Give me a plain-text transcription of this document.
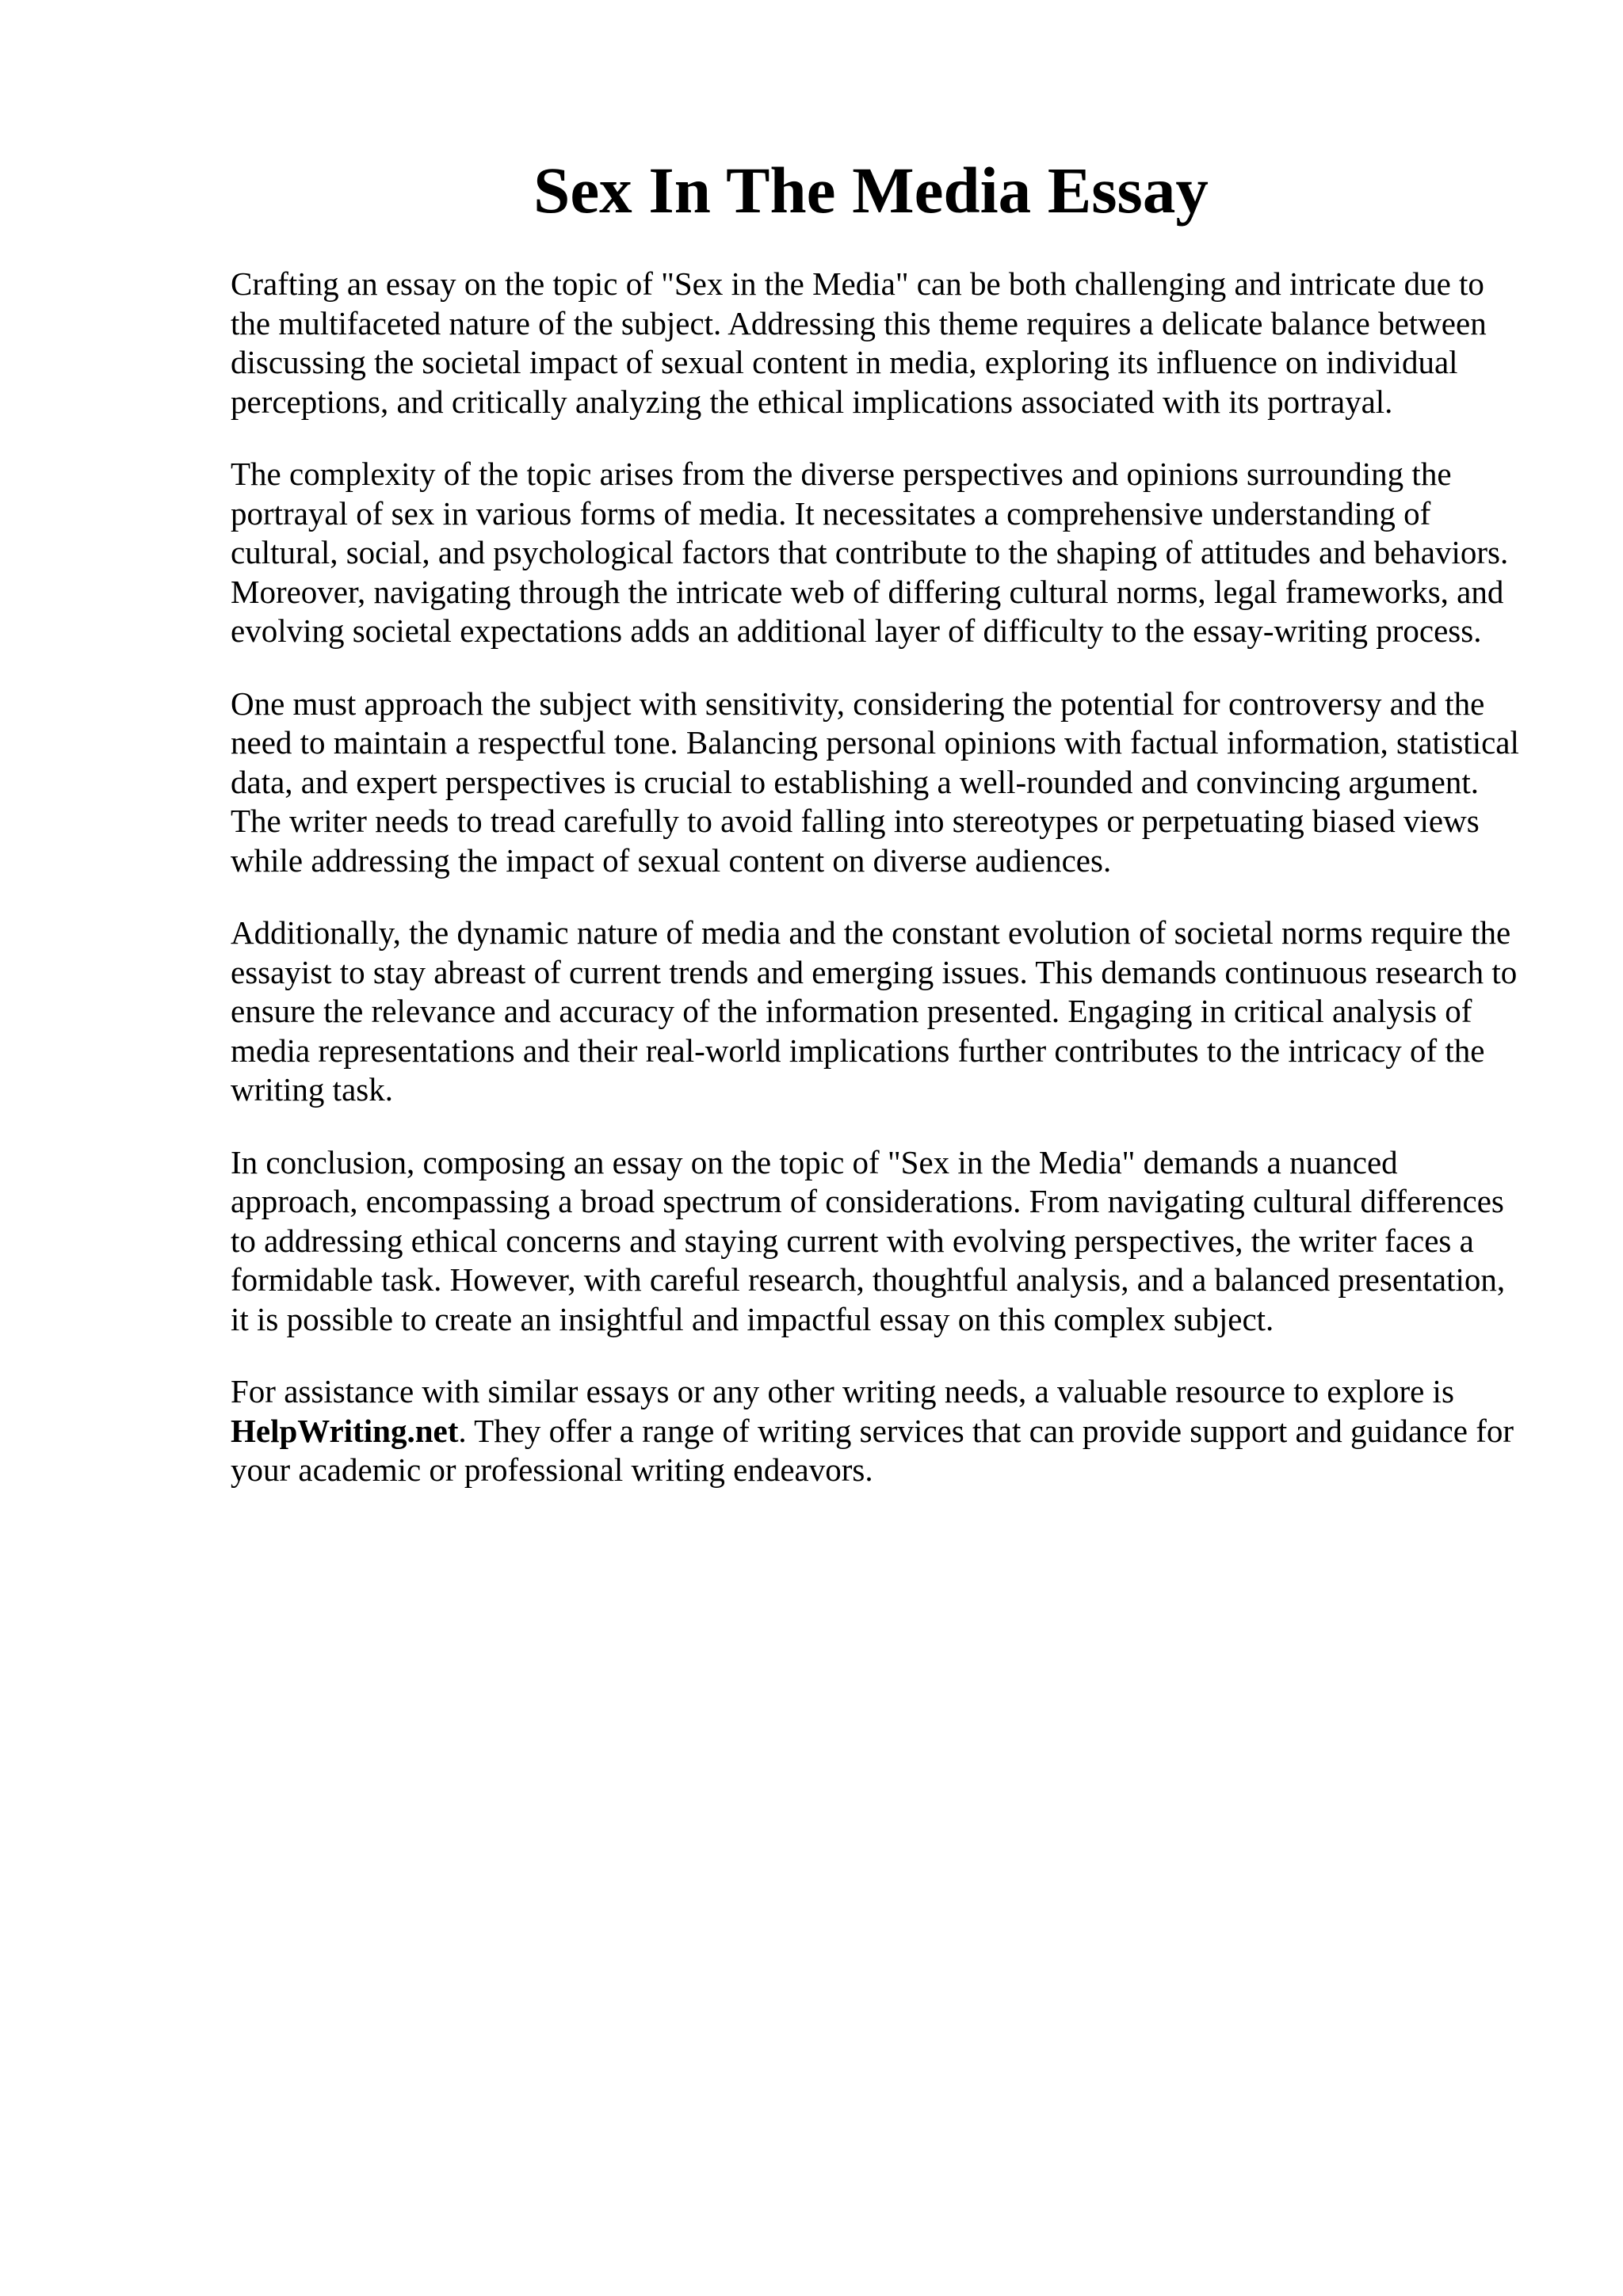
Sex In The Media Essay

Crafting an essay on the topic of "Sex in the Media" can be both challenging and intricate due to the multifaceted nature of the subject. Addressing this theme requires a delicate balance between discussing the societal impact of sexual content in media, exploring its influence on individual perceptions, and critically analyzing the ethical implications associated with its portrayal.

The complexity of the topic arises from the diverse perspectives and opinions surrounding the portrayal of sex in various forms of media. It necessitates a comprehensive understanding of cultural, social, and psychological factors that contribute to the shaping of attitudes and behaviors. Moreover, navigating through the intricate web of differing cultural norms, legal frameworks, and evolving societal expectations adds an additional layer of difficulty to the essay-writing process.

One must approach the subject with sensitivity, considering the potential for controversy and the need to maintain a respectful tone. Balancing personal opinions with factual information, statistical data, and expert perspectives is crucial to establishing a well-rounded and convincing argument. The writer needs to tread carefully to avoid falling into stereotypes or perpetuating biased views while addressing the impact of sexual content on diverse audiences.

Additionally, the dynamic nature of media and the constant evolution of societal norms require the essayist to stay abreast of current trends and emerging issues. This demands continuous research to ensure the relevance and accuracy of the information presented. Engaging in critical analysis of media representations and their real-world implications further contributes to the intricacy of the writing task.

In conclusion, composing an essay on the topic of "Sex in the Media" demands a nuanced approach, encompassing a broad spectrum of considerations. From navigating cultural differences to addressing ethical concerns and staying current with evolving perspectives, the writer faces a formidable task. However, with careful research, thoughtful analysis, and a balanced presentation, it is possible to create an insightful and impactful essay on this complex subject.

For assistance with similar essays or any other writing needs, a valuable resource to explore is HelpWriting.net. They offer a range of writing services that can provide support and guidance for your academic or professional writing endeavors.
